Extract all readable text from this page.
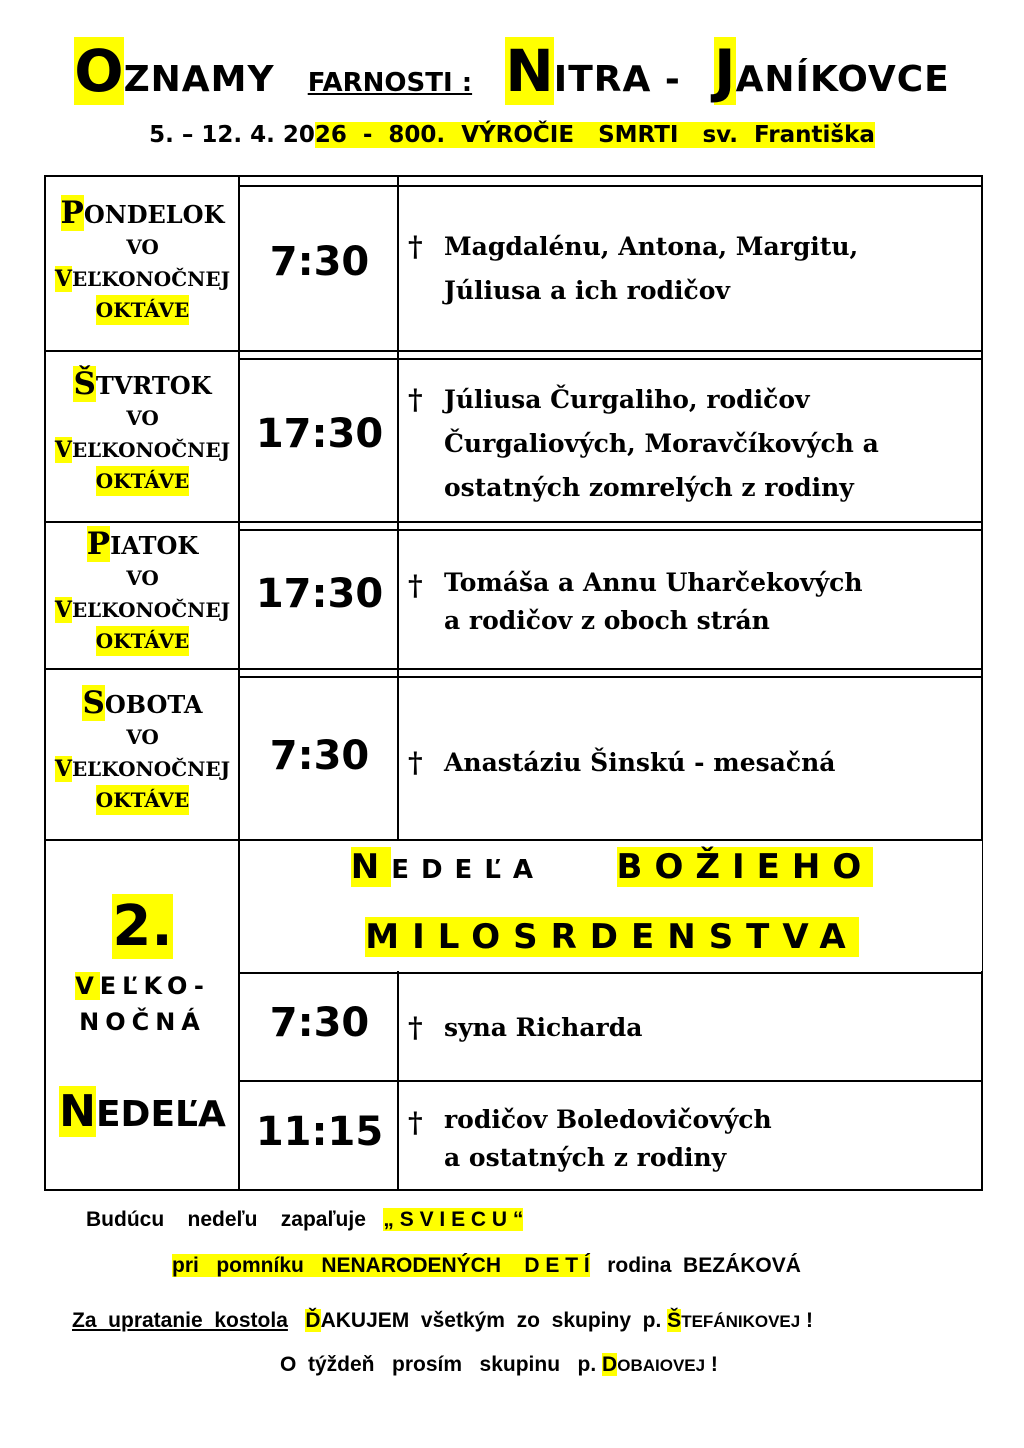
OZNAMY FARNOSTI : NITRA - JANÍKOVCE
5. – 12. 4. 2026  -  800.  VÝROČIE   SMRTI   sv.  Františka
PONDELOK
VO
VEĽKONOČNEJ
OKTÁVE
7:30	† Magdalénu, Antona, Margitu,
Júliusa a ich rodičov
ŠTVRTOK
VO
VEĽKONOČNEJ
OKTÁVE
17:30
† Júliusa Čurgaliho, rodičov
Čurgaliových, Moravčíkových a
ostatných zomrelých z rodiny
PIATOK
VO
VEĽKONOČNEJ
OKTÁVE
17:30 † Tomáša a Annu Uharčekových
a rodičov z oboch strán
SOBOTA
VO
VEĽKONOČNEJ
OKTÁVE
7:30	† Anastáziu Šinskú - mesačná
2.
VEĽKO-
NOČNÁ
NEDEĽA
NEDEĽA BOŽIEHO
MILOSRDENSTVA
7:30	† syna Richarda
11:15 † rodičov Boledovičových
a ostatných z rodiny
Budúcu    nedeľu    zapaľuje   „ S V I E C U “
pri   pomníku   NENARODENÝCH    D E T Í rodina  BEZÁKOVÁ
Za  upratanie  kostola ĎAKUJEM  všetkým  zo  skupiny  p. ŠTEFÁNIKOVEJ !
O  týždeň   prosím   skupinu   p. DOBAIOVEJ !
